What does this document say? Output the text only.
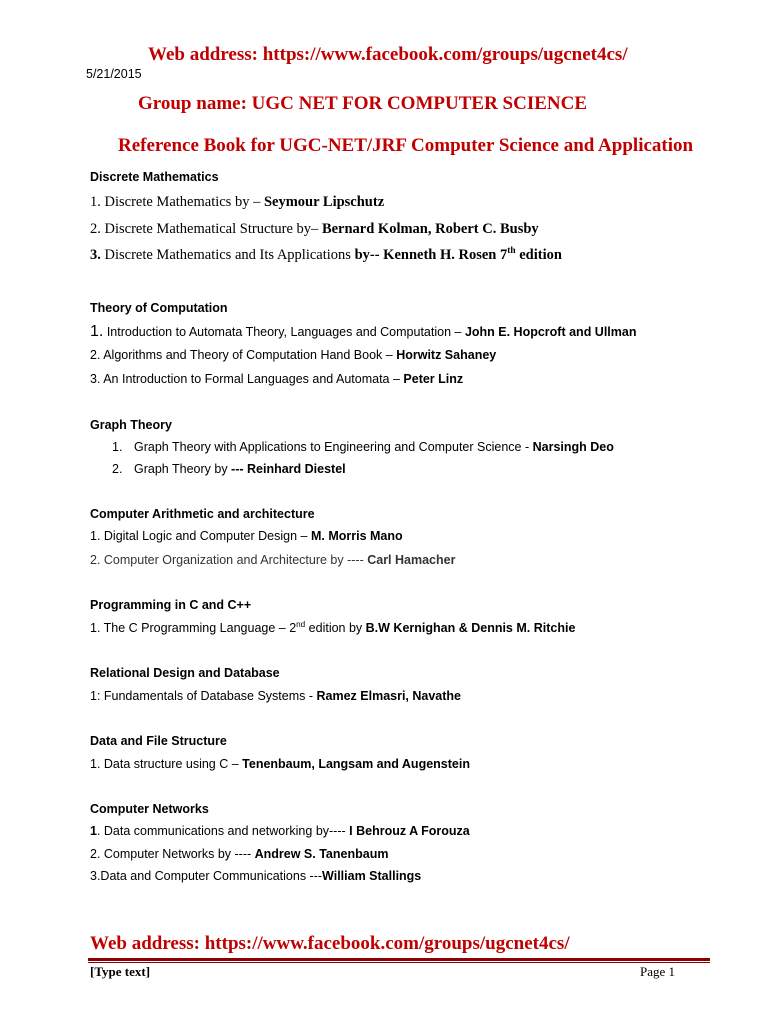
Web address: https://www.facebook.com/groups/ugcnet4cs/
5/21/2015
Group name: UGC NET FOR COMPUTER SCIENCE
Reference Book for UGC-NET/JRF Computer Science and Application
Discrete Mathematics
1. Discrete Mathematics by – Seymour Lipschutz
2. Discrete Mathematical Structure by– Bernard Kolman, Robert C. Busby
3. Discrete Mathematics and Its Applications by-- Kenneth H. Rosen 7th edition
Theory of Computation
1. Introduction to Automata Theory, Languages and Computation – John E. Hopcroft and Ullman
2. Algorithms and Theory of Computation Hand Book – Horwitz Sahaney
3. An Introduction to Formal Languages and Automata – Peter Linz
Graph Theory
1. Graph Theory with Applications to Engineering and Computer Science - Narsingh Deo
2. Graph Theory by --- Reinhard Diestel
Computer Arithmetic and architecture
1. Digital Logic and Computer Design – M. Morris Mano
2. Computer Organization and Architecture by ---- Carl Hamacher
Programming in C and C++
1. The C Programming Language – 2nd edition by B.W Kernighan & Dennis M. Ritchie
Relational Design and Database
1: Fundamentals of Database Systems - Ramez Elmasri, Navathe
Data and File Structure
1. Data structure using C – Tenenbaum, Langsam and Augenstein
Computer Networks
1. Data communications and networking by---- I Behrouz A Forouza
2. Computer Networks by ---- Andrew S. Tanenbaum
3.Data and Computer Communications ---William Stallings
Web address: https://www.facebook.com/groups/ugcnet4cs/
[Type text]	Page 1
